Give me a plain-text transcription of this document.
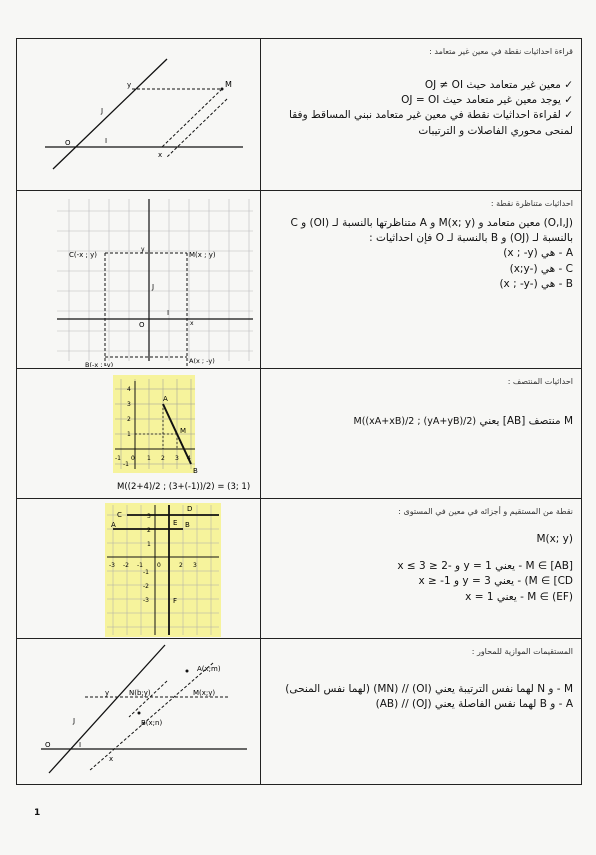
M
y
J
O	I
x
قراءة احداثيات نقطة في معين غير متعامد :
✓ معين غير متعامد حيث OJ ≠ OI
✓ يوجد معين غير متعامد حيث OJ = OI
✓ لقراءة احداثيات نقطة في معين غير متعامد نبني المساقط وفقا
لمنحى محوري الفاصلات و الترتيبات
C(-x ; y)	M(x ; y)
A(x ; -y)
B(-x ; -y)
J
O
I
y
x
احداثيات متناظرة نقطة :
(O,I,J) معين متعامد و M(x; y) و A متناظرتها بالنسبة لـ (OI) و C
بالنسبة لـ (OJ) و B بالنسبة لـ O فإن احداثيات :
A - هي (x ; -y)
C - هي (-x;y)
B - هي (-x ; -y)
A
M
B
-1 0 1 2 3 4
4
3
2
1
-1
M((2+4)/2 ; (3+(-1))/2) = (3; 1)
احداثيات المنتصف :
M منتصف [AB] يعني M((xA+xB)/2 ; (yA+yB)/2)
C
D
E
A	B
F
-3 -2 -1 0	2 3
3
2
1
-1
-2
-3
نقطة من المستقيم و أجزائه في معين في المستوى :
M(x; y)
M ∈ [AB] - يعني y = 1 و -2 ≤ x ≤ 3
M ∈ [CD) - يعني y = 3 و x ≥ -1
M ∈ (EF) - يعني x = 1
A(x;m)
N(b;y)	M(x;y)
B(x;n)
y
J
O	I
x
المستقيمات الموازية للمحاور :
M - و N لهما نفس الترتيبة يعني (OI) // (MN) (لهما نفس المنحى)
A - و B لهما نفس الفاصلة يعني (OJ) // (AB)
1
